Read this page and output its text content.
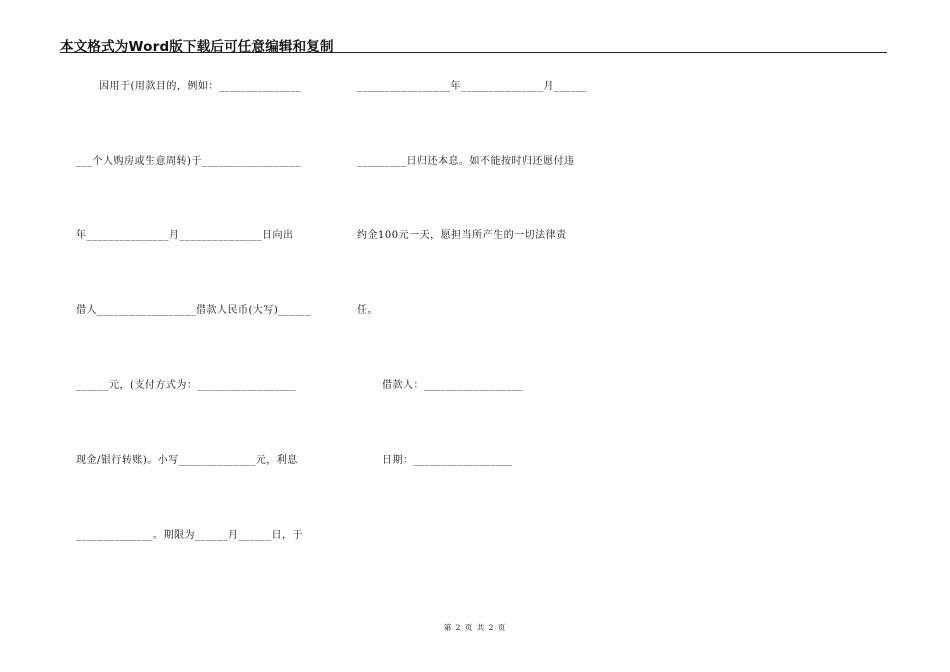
本文格式为Word版下载后可任意编辑和复制
因用于(用款目的，例如：_______________
___个人购房或生意周转)于__________________
年_______________月_______________日向出
借人__________________借款人民币(大写)______
______元，(支付方式为：__________________
现金/银行转账)。小写______________元，利息
______________。期限为______月______日，于
_________________年_______________月______
_________日归还本息。如不能按时归还愿付违
约金100元一天，愿担当所产生的一切法律责
任。
借款人：__________________
日期：__________________
第 2 页 共 2 页
